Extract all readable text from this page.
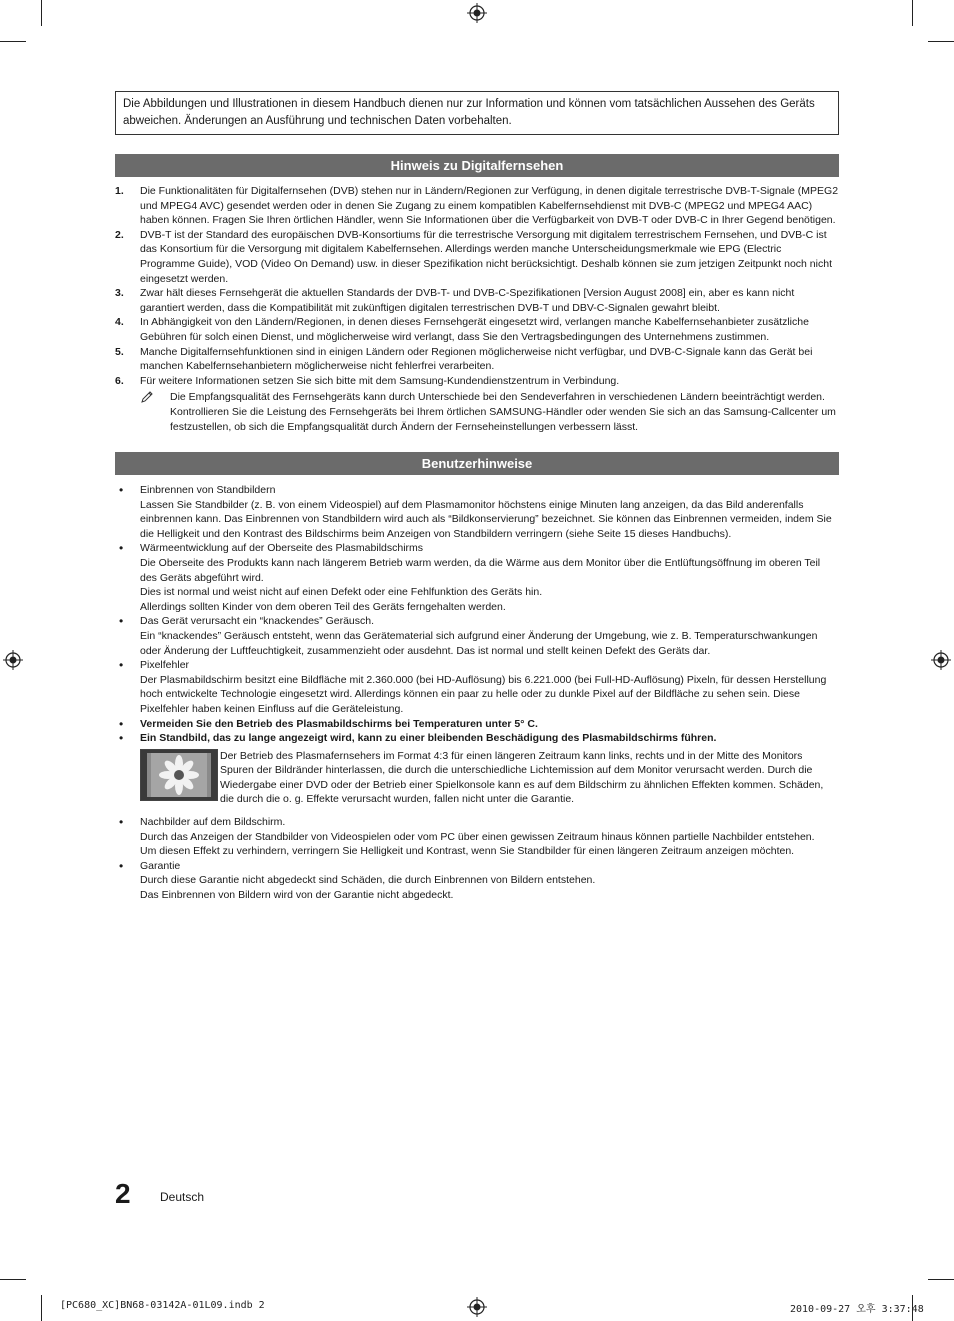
Die Abbildungen und Illustrationen in diesem Handbuch dienen nur zur Information und können vom tatsächlichen Aussehen des Geräts abweichen. Änderungen an Ausführung und technischen Daten vorbehalten.
Hinweis zu Digitalfernsehen
1.	Die Funktionalitäten für Digitalfernsehen (DVB) stehen nur in Ländern/Regionen zur Verfügung, in denen digitale terrestrische DVB-T-Signale (MPEG2 und MPEG4 AVC) gesendet werden oder in denen Sie Zugang zu einem kompatiblen Kabelfernsehdienst mit DVB-C (MPEG2 und MPEG4 AAC) haben können. Fragen Sie Ihren örtlichen Händler, wenn Sie Informationen über die Verfügbarkeit von DVB-T oder DVB-C in Ihrer Gegend benötigen.
2.	DVB-T ist der Standard des europäischen DVB-Konsortiums für die terrestrische Versorgung mit digitalem terrestrischem Fernsehen, und DVB-C ist das Konsortium für die Versorgung mit digitalem Kabelfernsehen. Allerdings werden manche Unterscheidungsmerkmale wie EPG (Electric Programme Guide), VOD (Video On Demand) usw. in dieser Spezifikation nicht berücksichtigt. Deshalb können sie zum jetzigen Zeitpunkt noch nicht eingesetzt werden.
3.	Zwar hält dieses Fernsehgerät die aktuellen Standards der DVB-T- und DVB-C-Spezifikationen [Version August 2008] ein, aber es kann nicht garantiert werden, dass die Kompatibilität mit zukünftigen digitalen terrestrischen DVB-T und DBV-C-Signalen gewahrt bleibt.
4.	In Abhängigkeit von den Ländern/Regionen, in denen dieses Fernsehgerät eingesetzt wird, verlangen manche Kabelfernsehanbieter zusätzliche Gebühren für solch einen Dienst, und möglicherweise wird verlangt, dass Sie den Vertragsbedingungen des Unternehmens zustimmen.
5.	Manche Digitalfernsehfunktionen sind in einigen Ländern oder Regionen möglicherweise nicht verfügbar, und DVB-C-Signale kann das Gerät bei manchen Kabelfernsehanbietern möglicherweise nicht fehlerfrei verarbeiten.
6.	Für weitere Informationen setzen Sie sich bitte mit dem Samsung-Kundendienstzentrum in Verbindung.
Die Empfangsqualität des Fernsehgeräts kann durch Unterschiede bei den Sendeverfahren in verschiedenen Ländern beeinträchtigt werden. Kontrollieren Sie die Leistung des Fernsehgeräts bei Ihrem örtlichen SAMSUNG-Händler oder wenden Sie sich an das Samsung-Callcenter um festzustellen, ob sich die Empfangsqualität durch Ändern der Fernseheinstellungen verbessern lässt.
Benutzerhinweise
•	Einbrennen von Standbildern
Lassen Sie Standbilder (z. B. von einem Videospiel) auf dem Plasmamonitor höchstens einige Minuten lang anzeigen, da das Bild anderenfalls einbrennen kann. Das Einbrennen von Standbildern wird auch als “Bildkonservierung” bezeichnet. Sie können das Einbrennen vermeiden, indem Sie die Helligkeit und den Kontrast des Bildschirms beim Anzeigen von Standbildern verringern (siehe Seite 15 dieses Handbuchs).
•	Wärmeentwicklung auf der Oberseite des Plasmabildschirms
Die Oberseite des Produkts kann nach längerem Betrieb warm werden, da die Wärme aus dem Monitor über die Entlüftungsöffnung im oberen Teil des Geräts abgeführt wird.
Dies ist normal und weist nicht auf einen Defekt oder eine Fehlfunktion des Geräts hin.
Allerdings sollten Kinder von dem oberen Teil des Geräts ferngehalten werden.
•	Das Gerät verursacht ein “knackendes” Geräusch.
Ein “knackendes” Geräusch entsteht, wenn das Gerätematerial sich aufgrund einer Änderung der Umgebung, wie z. B. Temperaturschwankungen oder Änderung der Luftfeuchtigkeit, zusammenzieht oder ausdehnt. Das ist normal und stellt keinen Defekt des Geräts dar.
•	Pixelfehler
Der Plasmabildschirm besitzt eine Bildfläche mit 2.360.000 (bei HD-Auflösung) bis 6.221.000 (bei Full-HD-Auflösung) Pixeln, für dessen Herstellung hoch entwickelte Technologie eingesetzt wird. Allerdings können ein paar zu helle oder zu dunkle Pixel auf der Bildfläche zu sehen sein. Diese Pixelfehler haben keinen Einfluss auf die Geräteleistung.
•	Vermeiden Sie den Betrieb des Plasmabildschirms bei Temperaturen unter 5° C.
•	Ein Standbild, das zu lange angezeigt wird, kann zu einer bleibenden Beschädigung des Plasmabildschirms führen.
Der Betrieb des Plasmafernsehers im Format 4:3 für einen längeren Zeitraum kann links, rechts und in der Mitte des Monitors Spuren der Bildränder hinterlassen, die durch die unterschiedliche Lichtemission auf dem Monitor verursacht werden. Durch die Wiedergabe einer DVD oder der Betrieb einer Spielkonsole kann es auf dem Bildschirm zu ähnlichen Effekten kommen. Schäden, die durch die o. g. Effekte verursacht wurden, fallen nicht unter die Garantie.
•	Nachbilder auf dem Bildschirm.
Durch das Anzeigen der Standbilder von Videospielen oder vom PC über einen gewissen Zeitraum hinaus können partielle Nachbilder entstehen.
Um diesen Effekt zu verhindern, verringern Sie Helligkeit und Kontrast, wenn Sie Standbilder für einen längeren Zeitraum anzeigen möchten.
•	Garantie
Durch diese Garantie nicht abgedeckt sind Schäden, die durch Einbrennen von Bildern entstehen.
Das Einbrennen von Bildern wird von der Garantie nicht abgedeckt.
2 Deutsch
[PC680_XC]BN68-03142A-01L09.indb 2	2010-09-27 오후 3:37:48
